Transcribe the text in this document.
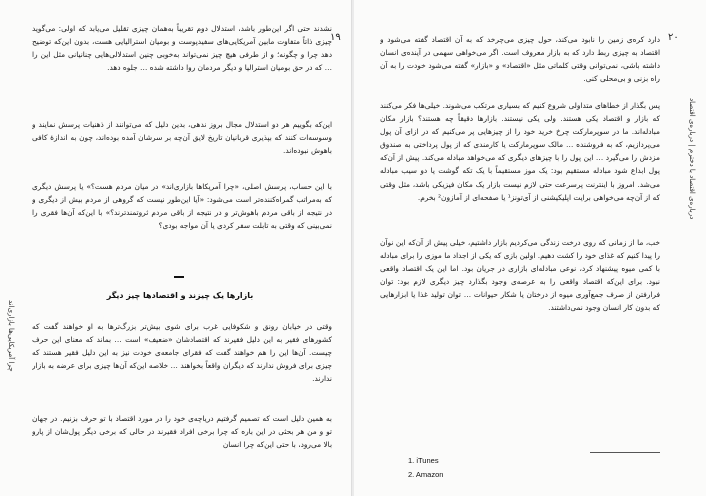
۱۹
چرا آمریکایی‌ها بازاری‌اند

نشدند حتی اگر این‌طور باشد، استدلال دوم تقریباً به‌همان چیزی تقلیل می‌یابد که اولی: می‌گوید چیزی ذاتاً متفاوت مابین آمریکایی‌های سفیدپوست و بومیان استرالیایی هست، بدون این‌که توضیح دهد چرا و چگونه؛ و از طرفی هیچ چیز نمی‌تواند به‌خوبی چنین استدلالی‌هایی چنانیانی مثل این را … که در حق بومیان استرالیا و دیگر مردمان روا داشته شده … جلوه دهد.

این‌که بگوییم هر دو استدلال مجال بروز ندهی، بدین دلیل که می‌توانند از ذهنیات پرسش نمایند و وسوسه‌ات کنند که بپذیری قربانیان تاریخ لایق آن‌چه بر سرشان آمده بوده‌اند، چون به اندازهٔ کافی باهوش نبوده‌اند.

با این حساب، پرسش اصلی، «چرا آمریکاها بازاری‌اند» در میان مردم هست؟» یا پرسش دیگری که به‌مراتب گمراه‌کننده‌تر است می‌شود: «آیا این‌طور نیست که گروهی از مردم بیش از دیگری و در نتیجه از باقی مردم باهوش‌تر و در نتیجه از باقی مردم ثروتمندترند؟» با این‌که آن‌ها فقری را نمی‌بینی که وقتی به تابلت سفر کردی یا آن مواجه بودی؟

بازارها یک چیزند و اقتصادها چیز دیگر

وقتی در خیابان رونق و شکوفایی غرب برای شوی بیش‌تر بزرگ‌ترها به او خواهند گفت که کشورهای فقیر به این دلیل فقیرند که اقتصادشان «ضعیف» است … بماند که معنای این حرف چیست. آن‌ها این را هم خواهند گفت که فقرای جامعه‌ی خودت نیز به این دلیل فقیر هستند که چیزی برای فروش ندارند که دیگران واقعاً بخواهند … خلاصه این‌که آن‌ها چیزی برای عرضه به بازار ندارند.

به همین دلیل است که تصمیم گرفتیم دریاچه‌ی خود را در مورد اقتصاد با تو حرف بزنیم. در جهان تو و من هر بحثی در این باره که چرا برخی افراد فقیرند در حالی که برخی دیگر پول‌شان از پارو بالا می‌رود، با حتی این‌که چرا انسان

۲۰
درباره‌ی اقتصاد با دخترم | درباره‌ی اقتصاد

دارد کره‌ی زمین را نابود می‌کند، حول چیزی می‌چرخد که به آن اقتصاد گفته می‌شود و اقتصاد به چیزی ربط دارد که به بازار معروف است. اگر می‌خواهی سهمی در آینده‌ی انسان داشته باشی، نمی‌توانی وقتی کلماتی مثل «اقتصاد» و «بازار» گفته می‌شود خودت را به آن راه بزنی و بی‌محلی کنی.

پس بگذار از خطاهای متداولی شروع کنیم که بسیاری مرتکب می‌شوند. خیلی‌ها فکر می‌کنند که بازار و اقتصاد یکی هستند. ولی یکی نیستند. بازارها دقیقاً چه هستند؟ بازار مکان مبادله‌اند. ما در سوپرمارکت چرخ خرید خود را از چیزهایی پر می‌کنیم که در ازای آن پول می‌پردازیم، که به فروشنده … مالک سوپرمارکت یا کارمندی که از پول پرداختی به صندوق مزدش را می‌گیرد … این پول را با چیزهای دیگری که می‌خواهد مبادله می‌کند. پیش از آن‌که پول ابداع شود مبادله مستقیم بود: یک موز مستقیماً با یک تکه گوشت یا دو سیب مبادله می‌شد. امروز با اینترنت پرسرعت حتی لازم نیست بازار یک مکان فیزیکی باشد، مثل وقتی که از آن‌چه می‌خواهی برایت اپلیکیشنی از آی‌تونز¹ یا صفحه‌ای از آمازون² بخرم.

خب، ما از زمانی که روی درخت زندگی می‌کردیم بازار داشتیم، خیلی پیش از آن‌که این نوآن را پیدا کنیم که غذای خود را کشت دهیم. اولین بازی که یکی از اجداد ما موزی را برای مبادله با کمی میوه پیشنهاد کرد، نوعی مبادله‌ای بازاری در جریان بود. اما این یک اقتصاد واقعی نبود. برای این‌که اقتصاد واقعی را به عرصه‌ی وجود بگذارد چیز دیگری لازم بود: توان فرارفتن از صرف جمع‌آوری میوه از درختان یا شکار حیوانات … توان تولید غذا یا ابزارهایی که بدون کار انسان وجود نمی‌داشتند.

1. iTunes
2. Amazon
